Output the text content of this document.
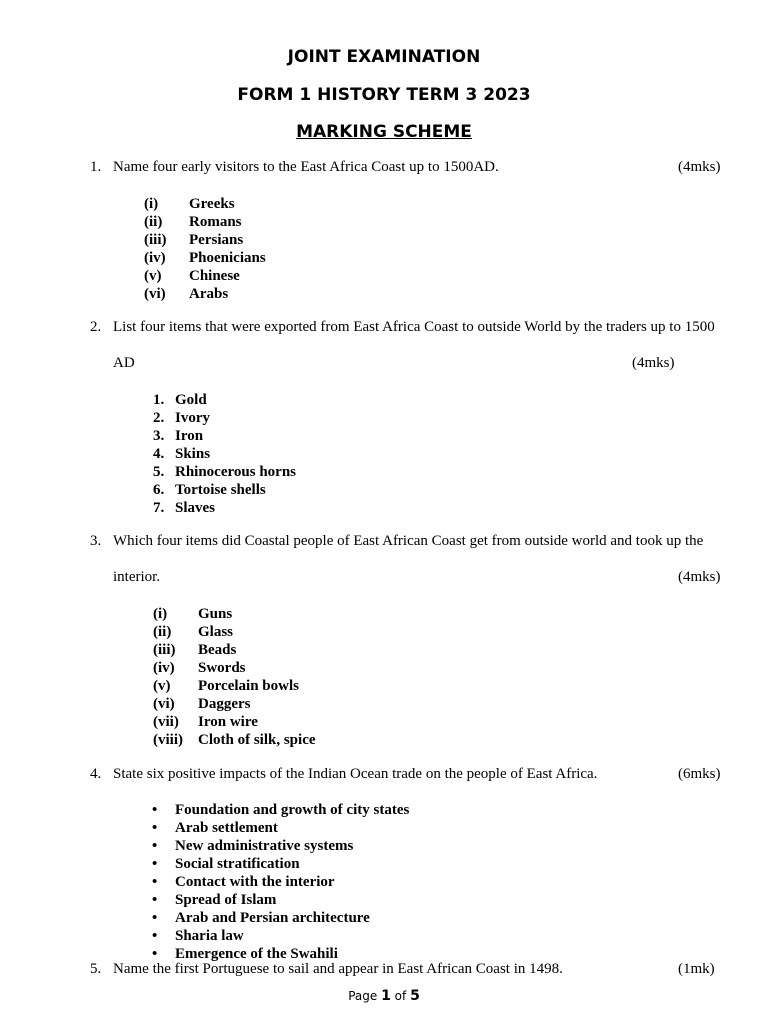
JOINT EXAMINATION
FORM 1 HISTORY TERM 3 2023
MARKING SCHEME
1. Name four early visitors to the East Africa Coast up to 1500AD.	(4mks)
(i) Greeks
(ii) Romans
(iii) Persians
(iv) Phoenicians
(v) Chinese
(vi) Arabs
2. List four items that were exported from East Africa Coast to outside World by the traders up to 1500
AD	(4mks)
1. Gold
2. Ivory
3. Iron
4. Skins
5. Rhinocerous horns
6. Tortoise shells
7. Slaves
3. Which four items did Coastal people of East African Coast get from outside world and took up the
interior.	(4mks)
(i) Guns
(ii) Glass
(iii) Beads
(iv) Swords
(v) Porcelain bowls
(vi) Daggers
(vii) Iron wire
(viii) Cloth of silk, spice
4. State six positive impacts of the Indian Ocean trade on the people of East Africa.	(6mks)
• Foundation and growth of city states
• Arab settlement
• New administrative systems
• Social stratification
• Contact with the interior
• Spread of Islam
• Arab and Persian architecture
• Sharia law
• Emergence of the Swahili
5. Name the first Portuguese to sail and appear in East African Coast in 1498.	(1mk)
Page 1 of 5
